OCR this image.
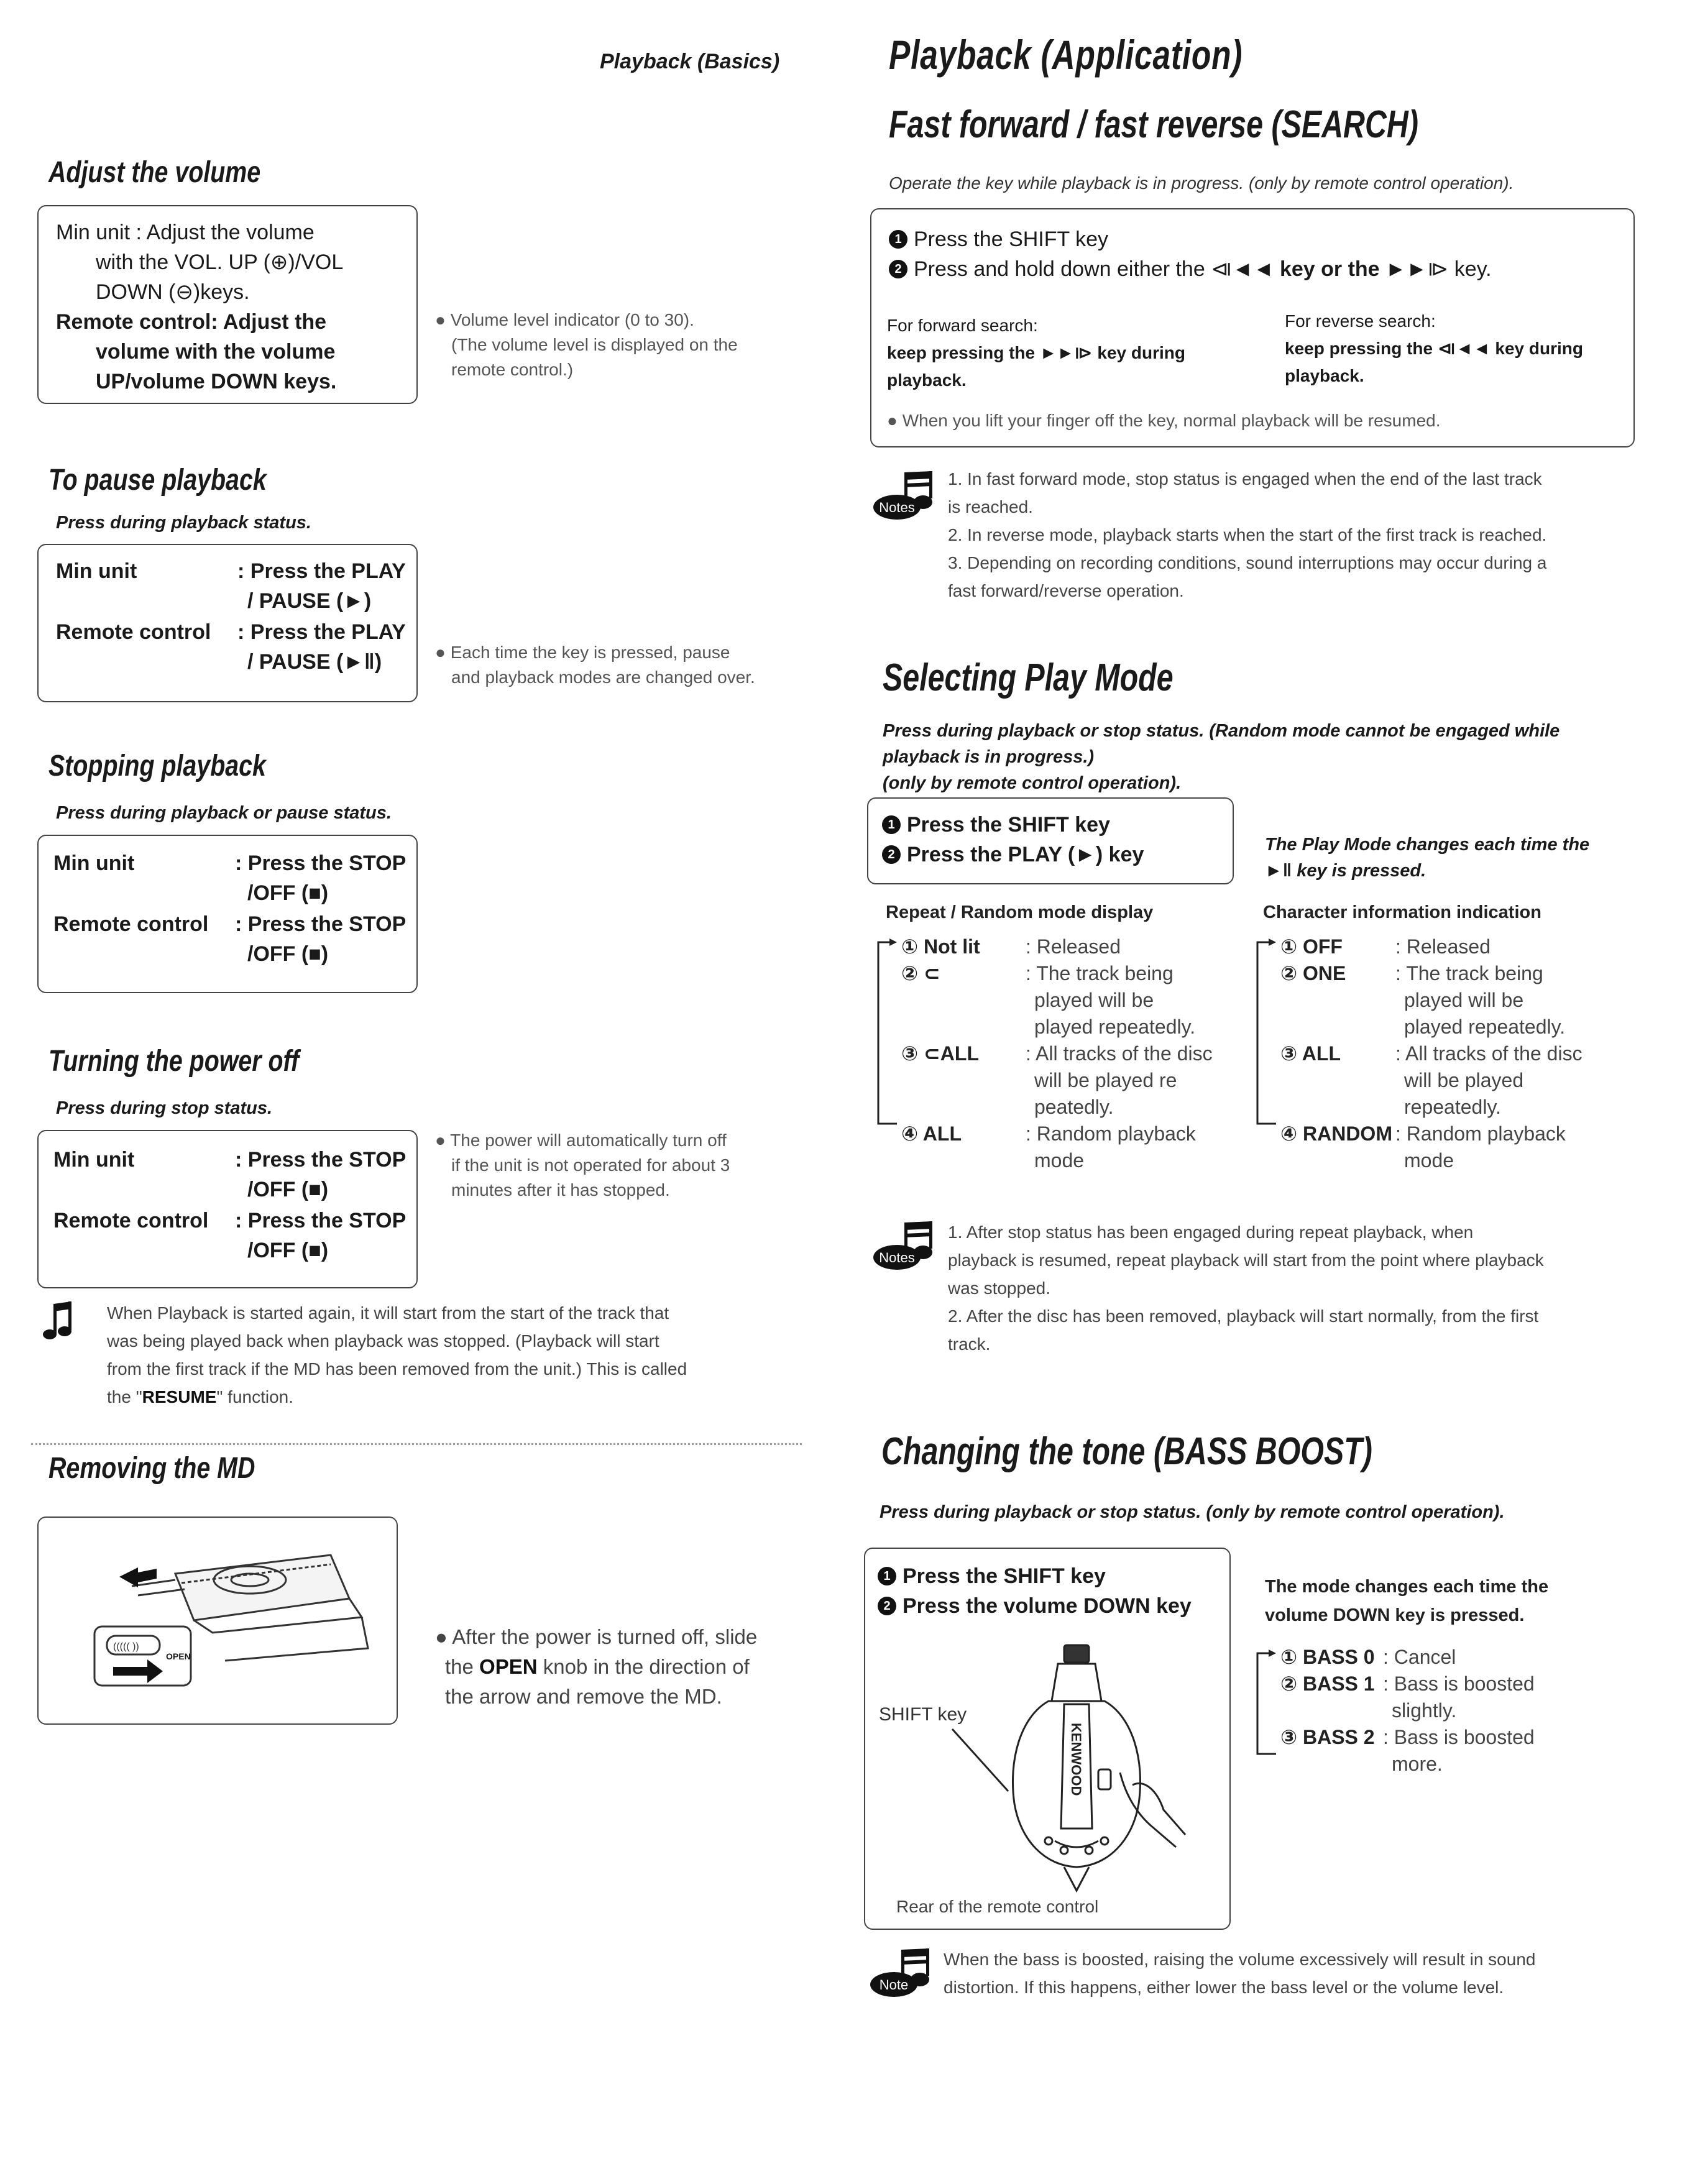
Playback (Basics)
Adjust the volume
Min unit : Adjust the volume
with the VOL. UP (⊕)/VOL
DOWN (⊖)keys.
Remote control: Adjust the
volume with the volume
UP/volume DOWN keys.
● Volume level indicator (0 to 30).
(The volume level is displayed on the
remote control.)
To pause playback
Press during playback status.
Min unit	: Press the PLAY
/ PAUSE (►)
Remote control : Press the PLAY
/ PAUSE (►‖)	● Each time the key is pressed, pause
and playback modes are changed over.
Stopping playback
Press during playback or pause status.
Min unit	: Press the STOP
/OFF (■)
Remote control : Press the STOP
/OFF (■)
Turning the power off
Press during stop status.
Min unit	: Press the STOP
/OFF (■)
Remote control : Press the STOP
/OFF (■)
● The power will automatically turn off
if the unit is not operated for about 3
minutes after it has stopped.
When Playback is started again, it will start from the start of the track that
was being played back when playback was stopped. (Playback will start
from the first track if the MD has been removed from the unit.) This is called
the "RESUME" function.
Removing the MD
((((( ))
OPEN
● After the power is turned off, slide
the OPEN knob in the direction of
the arrow and remove the MD.
Playback (Application)
Fast forward / fast reverse (SEARCH)
Operate the key while playback is in progress. (only by remote control operation).
1 Press the SHIFT key
2 Press and hold down either the ⧏◄◄ key or the ►►⧐ key.
For forward search:
keep pressing the ►►⧐ key during
playback.
For reverse search:
keep pressing the ⧏◄◄ key during
playback.
● When you lift your finger off the key, normal playback will be resumed.
Notes
1. In fast forward mode, stop status is engaged when the end of the last track
is reached.
2. In reverse mode, playback starts when the start of the first track is reached.
3. Depending on recording conditions, sound interruptions may occur during a
fast forward/reverse operation.
Selecting Play Mode
Press during playback or stop status. (Random mode cannot be engaged while
playback is in progress.)
(only by remote control operation).
1 Press the SHIFT key
2 Press the PLAY (►) key	The Play Mode changes each time the
►‖ key is pressed.
Repeat / Random mode display	Character information indication
① Not lit	: Released
② ⊂	: The track being
played will be
played repeatedly.
③ ⊂ALL	: All tracks of the disc
will be played re
peatedly.
④ ALL	: Random playback
mode
① OFF	: Released
② ONE	: The track being
played will be
played repeatedly.
③ ALL	: All tracks of the disc
will be played
repeatedly.
④ RANDOM : Random playback
mode
Notes
1. After stop status has been engaged during repeat playback, when
playback is resumed, repeat playback will start from the point where playback
was stopped.
2. After the disc has been removed, playback will start normally, from the first
track.
Changing the tone (BASS BOOST)
Press during playback or stop status. (only by remote control operation).
1 Press the SHIFT key
2 Press the volume DOWN key
SHIFT key
KENWOOD
Rear of the remote control
The mode changes each time the
volume DOWN key is pressed.
① BASS 0 : Cancel
② BASS 1 : Bass is boosted
slightly.
③ BASS 2 : Bass is boosted
more.
Note
When the bass is boosted, raising the volume excessively will result in sound
distortion. If this happens, either lower the bass level or the volume level.
